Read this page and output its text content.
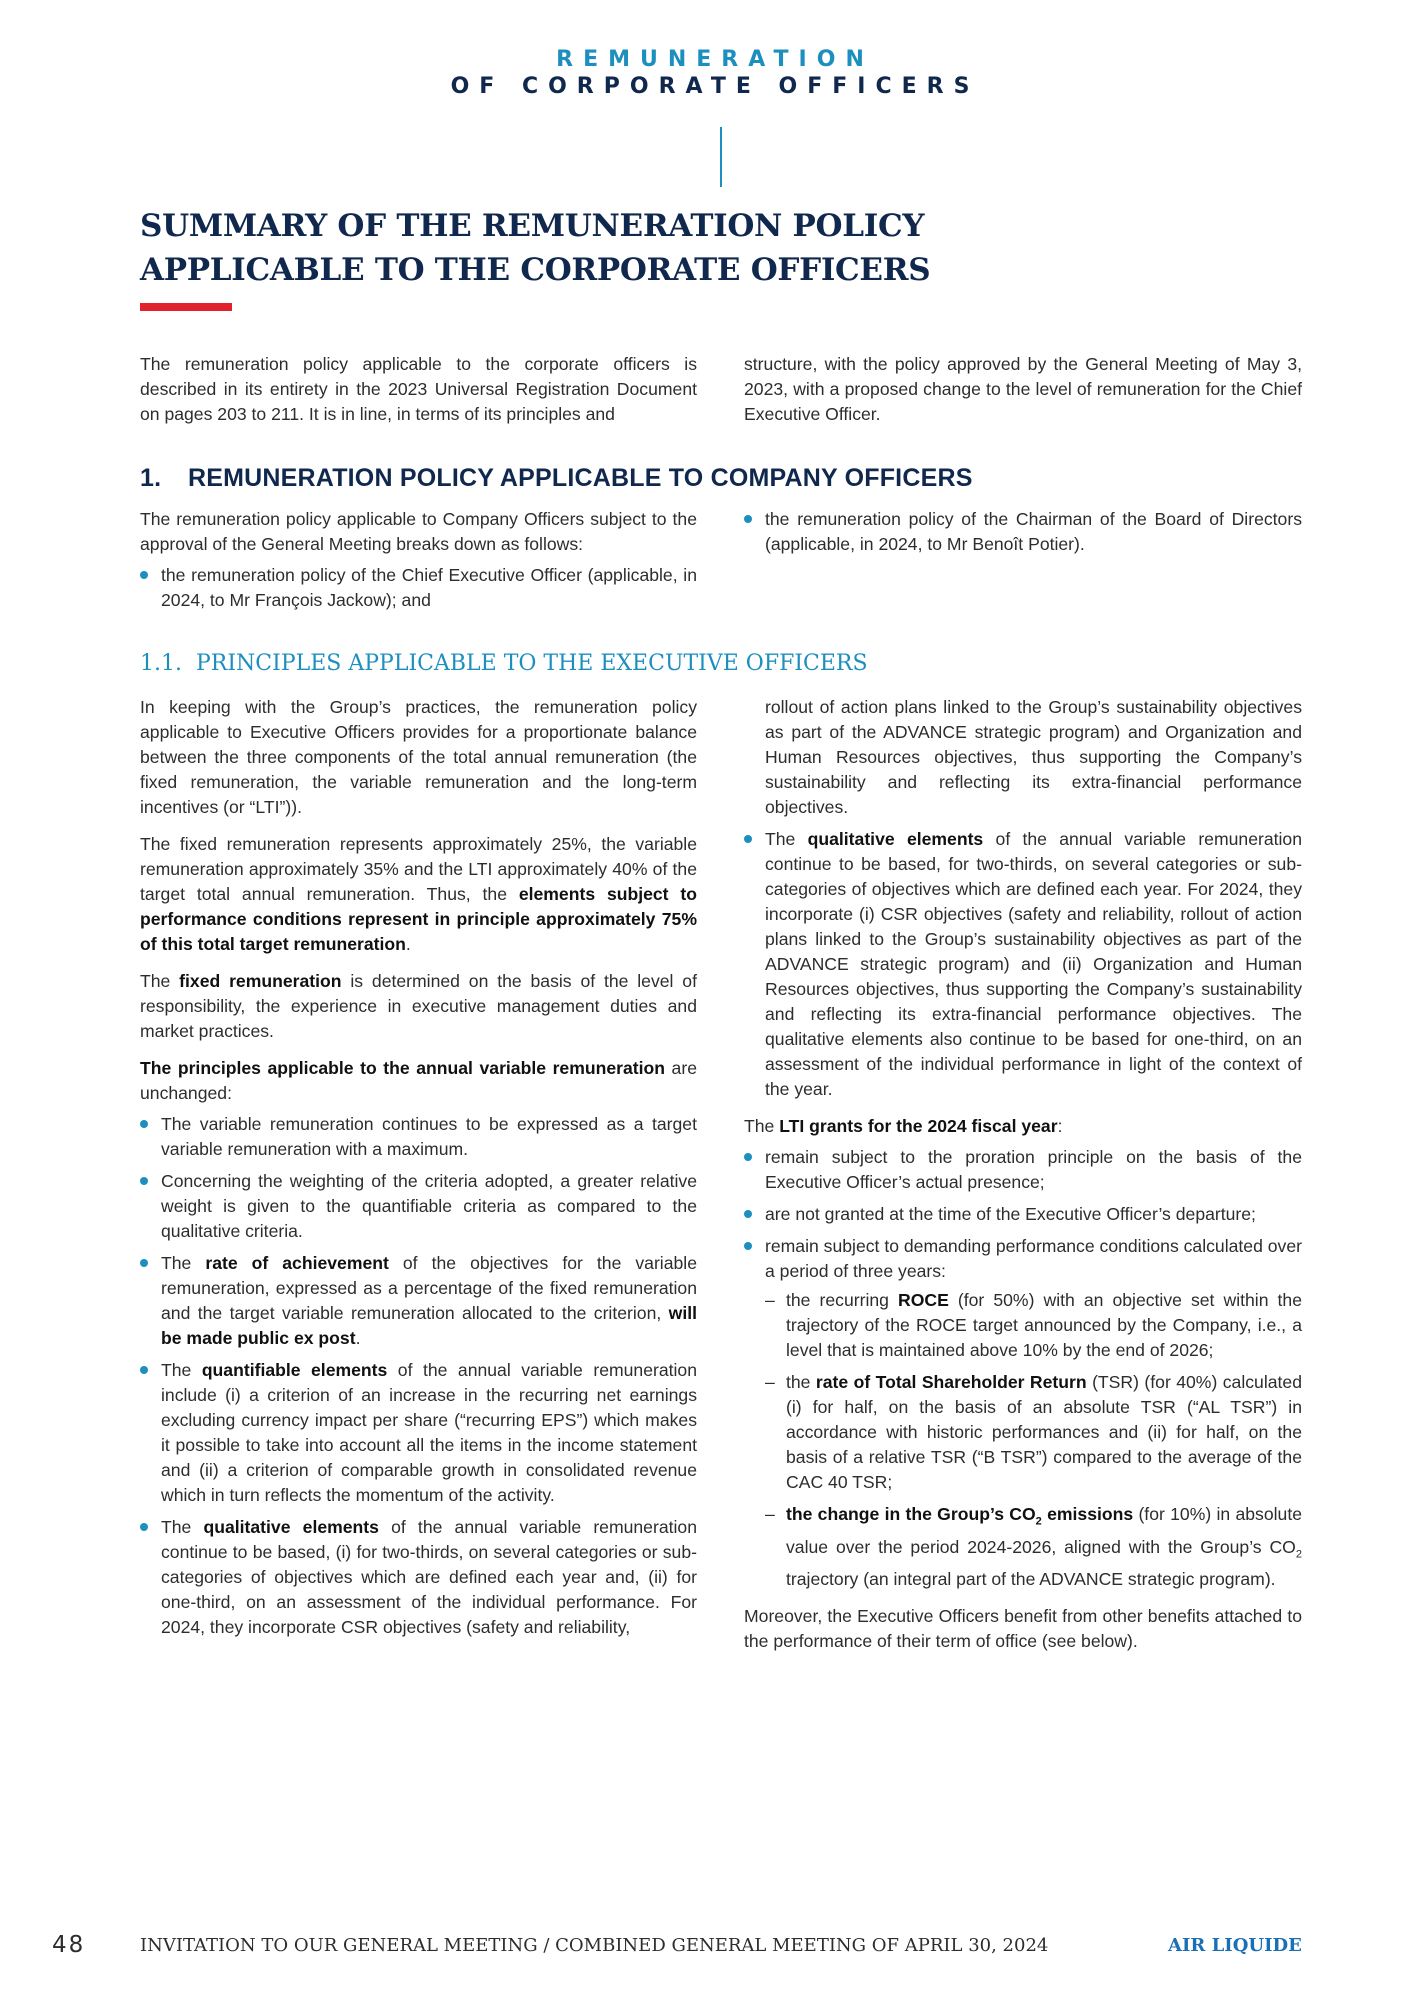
REMUNERATION
OF CORPORATE OFFICERS
SUMMARY OF THE REMUNERATION POLICY
APPLICABLE TO THE CORPORATE OFFICERS

The remuneration policy applicable to the corporate officers is described in its entirety in the 2023 Universal Registration Document on pages 203 to 211. It is in line, in terms of its principles and

structure, with the policy approved by the General Meeting of May 3, 2023, with a proposed change to the level of remuneration for the Chief Executive Officer.

1. REMUNERATION POLICY APPLICABLE TO COMPANY OFFICERS

The remuneration policy applicable to Company Officers subject to the approval of the General Meeting breaks down as follows:

the remuneration policy of the Chief Executive Officer (applicable, in 2024, to Mr François Jackow); and
the remuneration policy of the Chairman of the Board of Directors (applicable, in 2024, to Mr Benoît Potier).
1.1. PRINCIPLES APPLICABLE TO THE EXECUTIVE OFFICERS

In keeping with the Group’s practices, the remuneration policy applicable to Executive Officers provides for a proportionate balance between the three components of the total annual remuneration (the fixed remuneration, the variable remuneration and the long-term incentives (or “LTI”)).

The fixed remuneration represents approximately 25%, the variable remuneration approximately 35% and the LTI approximately 40% of the target total annual remuneration. Thus, the elements subject to performance conditions represent in principle approximately 75% of this total target remuneration.

The fixed remuneration is determined on the basis of the level of responsibility, the experience in executive management duties and market practices.

The principles applicable to the annual variable remuneration are unchanged:

The variable remuneration continues to be expressed as a target variable remuneration with a maximum.
Concerning the weighting of the criteria adopted, a greater relative weight is given to the quantifiable criteria as compared to the qualitative criteria.
The rate of achievement of the objectives for the variable remuneration, expressed as a percentage of the fixed remuneration and the target variable remuneration allocated to the criterion, will be made public ex post.
The quantifiable elements of the annual variable remuneration include (i) a criterion of an increase in the recurring net earnings excluding currency impact per share (“recurring EPS”) which makes it possible to take into account all the items in the income statement and (ii) a criterion of comparable growth in consolidated revenue which in turn reflects the momentum of the activity.
The qualitative elements of the annual variable remuneration continue to be based, (i) for two-thirds, on several categories or sub-categories of objectives which are defined each year and, (ii) for one-third, on an assessment of the individual performance. For 2024, they incorporate CSR objectives (safety and reliability,
rollout of action plans linked to the Group’s sustainability objectives as part of the ADVANCE strategic program) and Organization and Human Resources objectives, thus supporting the Company’s sustainability and reflecting its extra-financial performance objectives.
The qualitative elements of the annual variable remuneration continue to be based, for two-thirds, on several categories or sub-categories of objectives which are defined each year. For 2024, they incorporate (i) CSR objectives (safety and reliability, rollout of action plans linked to the Group’s sustainability objectives as part of the ADVANCE strategic program) and (ii) Organization and Human Resources objectives, thus supporting the Company’s sustainability and reflecting its extra-financial performance objectives. The qualitative elements also continue to be based for one-third, on an assessment of the individual performance in light of the context of the year.

The LTI grants for the 2024 fiscal year:

remain subject to the proration principle on the basis of the Executive Officer’s actual presence;
are not granted at the time of the Executive Officer’s departure;
remain subject to demanding performance conditions calculated over a period of three years:
– the recurring ROCE (for 50%) with an objective set within the trajectory of the ROCE target announced by the Company, i.e., a level that is maintained above 10% by the end of 2026;
– the rate of Total Shareholder Return (TSR) (for 40%) calculated (i) for half, on the basis of an absolute TSR (“AL TSR”) in accordance with historic performances and (ii) for half, on the basis of a relative TSR (“B TSR”) compared to the average of the CAC 40 TSR;
– the change in the Group’s $CO_2$ emissions (for 10%) in absolute value over the period 2024-2026, aligned with the Group’s $CO_2$ trajectory (an integral part of the ADVANCE strategic program).

Moreover, the Executive Officers benefit from other benefits attached to the performance of their term of office (see below).

48	INVITATION TO OUR GENERAL MEETING / COMBINED GENERAL MEETING OF APRIL 30, 2024	AIR LIQUIDE
